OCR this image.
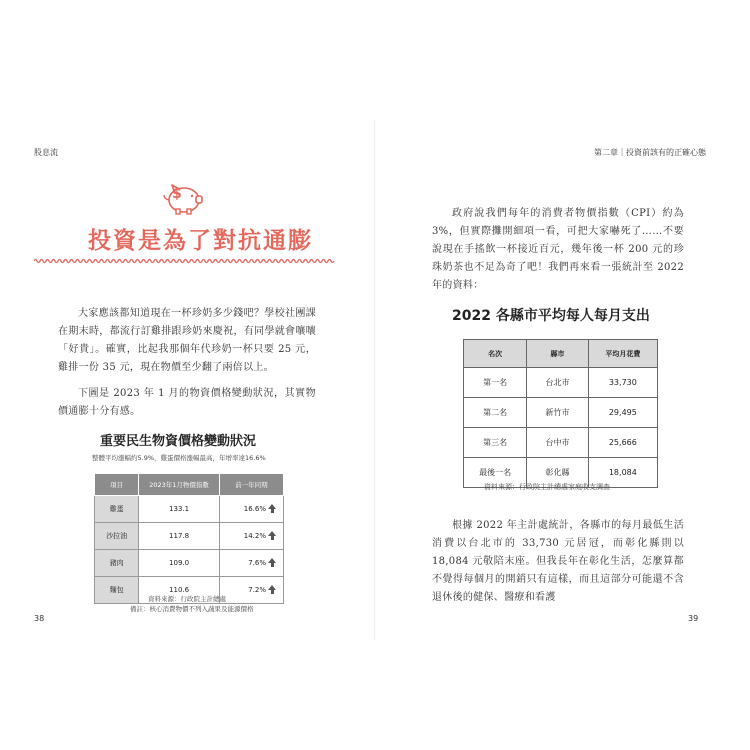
股息流
$
投資是為了對抗通膨
大家應該都知道現在一杯珍奶多少錢吧？學校社團課在期末時，都流行訂雞排跟珍奶來慶祝，有同學就會嚷嚷「好貴」。確實，比起我那個年代珍奶一杯只要 25 元，雞排一份 35 元，現在物價至少翻了兩倍以上。
下圖是 2023 年 1 月的物資價格變動狀況，其實物價通膨十分有感。
重要民生物資價格變動狀況
整體平均漲幅約5.9%，雞蛋價格漲幅最高，年增率達16.6%
項目	2023年1月物價指數	前一年同期
雞蛋	133.1	16.6%
沙拉油	117.8	14.2%
豬肉	109.0	7.6%
麵包	110.6	7.2%
資料來源：行政院主計總處
備註：核心消費物價不列入蔬果及能源價格
38
第二章｜投資前該有的正確心態
政府說我們每年的消費者物價指數（CPI）約為 3%，但實際攤開細項一看，可把大家嚇死了……不要說現在手搖飲一杯接近百元，幾年後一杯 200 元的珍珠奶茶也不足為奇了吧！我們再來看一張統計至 2022 年的資料：
2022 各縣市平均每人每月支出
名次	縣市	平均月花費
第一名	台北市	33,730
第二名	新竹市	29,495
第三名	台中市	25,666
最後一名	彰化縣	18,084
資料來源：行政院主計總處家庭收支調查
根據 2022 年主計處統計，各縣市的每月最低生活消費以台北市的 33,730 元居冠，而彰化縣則以 18,084 元敬陪末座。但我長年在彰化生活，怎麼算都不覺得每個月的開銷只有這樣，而且這部分可能還不含退休後的健保、醫療和看護
39
